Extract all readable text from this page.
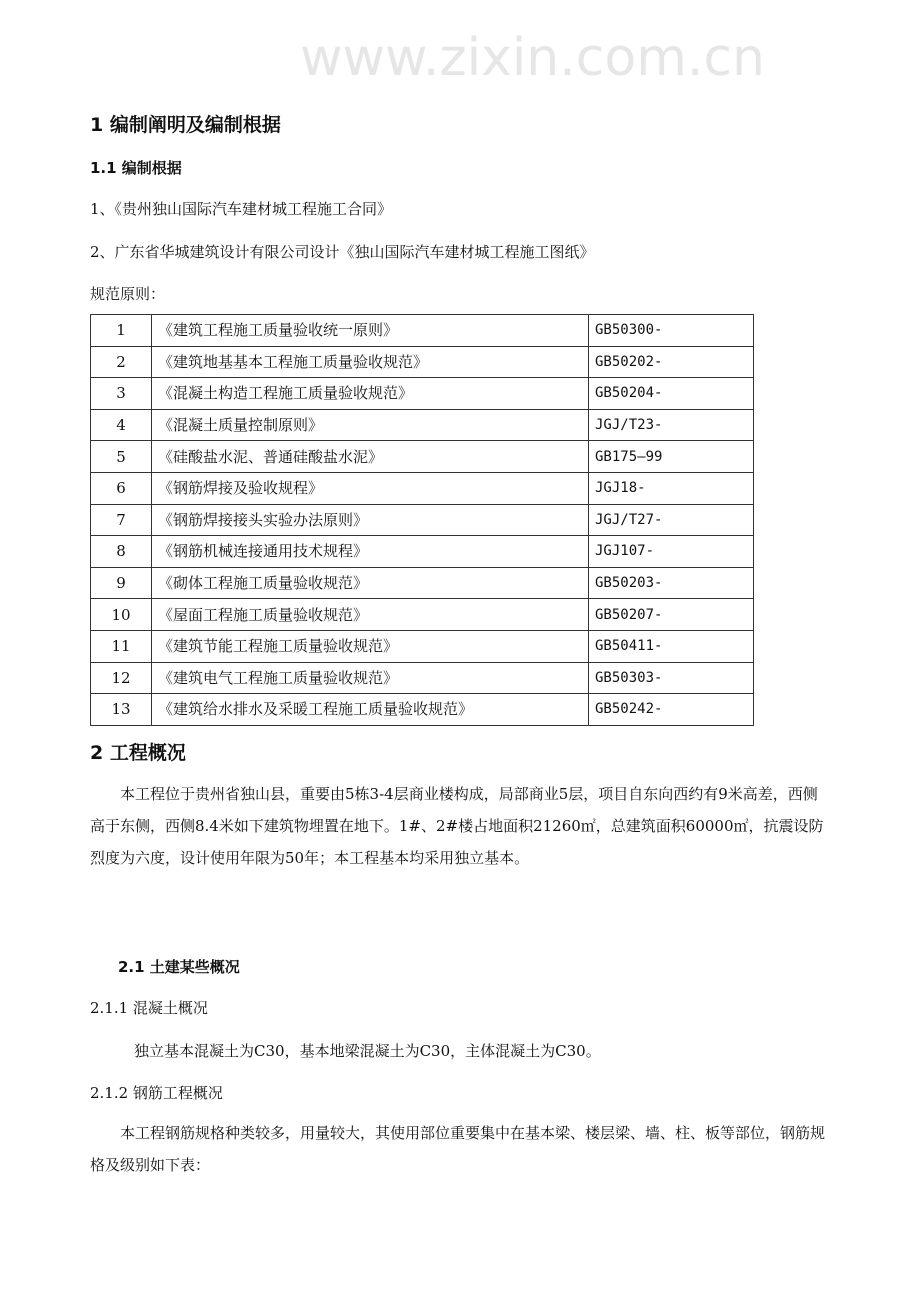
www.zixin.com.cn
1 编制阐明及编制根据
1.1 编制根据
1、《贵州独山国际汽车建材城工程施工合同》
2、广东省华城建筑设计有限公司设计《独山国际汽车建材城工程施工图纸》
规范原则：
1	《建筑工程施工质量验收统一原则》	GB50300-
2	《建筑地基基本工程施工质量验收规范》	GB50202-
3	《混凝土构造工程施工质量验收规范》	GB50204-
4	《混凝土质量控制原则》	JGJ/T23-
5	《硅酸盐水泥、普通硅酸盐水泥》	GB175—99
6	《钢筋焊接及验收规程》	JGJ18-
7	《钢筋焊接接头实验办法原则》	JGJ/T27-
8	《钢筋机械连接通用技术规程》	JGJ107-
9	《砌体工程施工质量验收规范》	GB50203-
10	《屋面工程施工质量验收规范》	GB50207-
11	《建筑节能工程施工质量验收规范》	GB50411-
12	《建筑电气工程施工质量验收规范》	GB50303-
13	《建筑给水排水及采暖工程施工质量验收规范》	GB50242-
2 工程概况
本工程位于贵州省独山县，重要由5栋3-4层商业楼构成，局部商业5层，项目自东向西约有9米高差，西侧高于东侧，西侧8.4米如下建筑物埋置在地下。1#、2#楼占地面积21260㎡，总建筑面积60000㎡，抗震设防烈度为六度，设计使用年限为50年；本工程基本均采用独立基本。
2.1 土建某些概况
2.1.1 混凝土概况
独立基本混凝土为C30，基本地梁混凝土为C30，主体混凝土为C30。
2.1.2 钢筋工程概况
本工程钢筋规格种类较多，用量较大，其使用部位重要集中在基本梁、楼层梁、墙、柱、板等部位，钢筋规格及级别如下表：
